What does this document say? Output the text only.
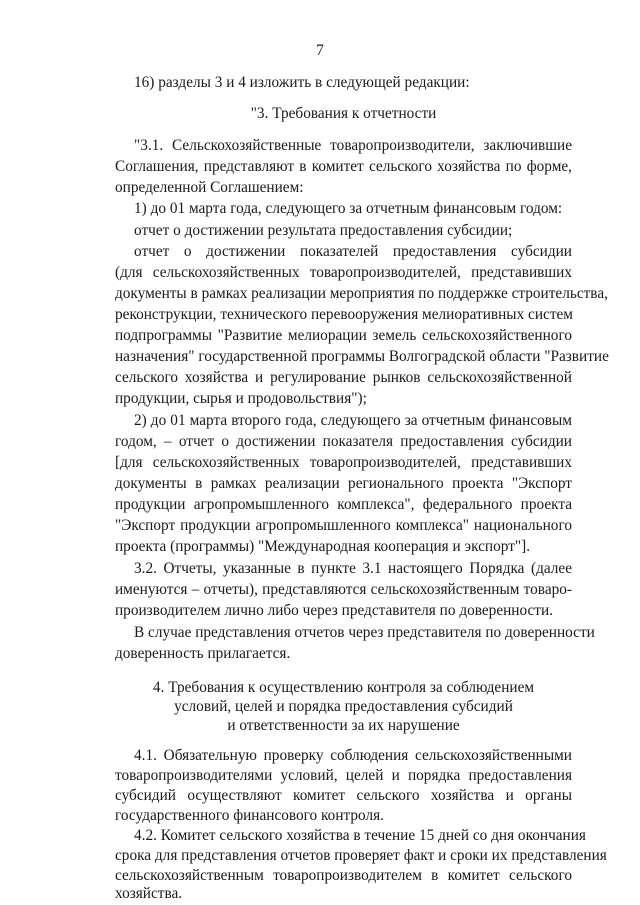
7
16) разделы 3 и 4 изложить в следующей редакции:
"3. Требования к отчетности
"3.1. Сельскохозяйственные товаропроизводители, заключившие
Соглашения, представляют в комитет сельского хозяйства по форме,
определенной Соглашением:
1) до 01 марта года, следующего за отчетным финансовым годом:
отчет о достижении результата предоставления субсидии;
отчет о достижении показателей предоставления субсидии
(для сельскохозяйственных товаропроизводителей, представивших
документы в рамках реализации мероприятия по поддержке строительства,
реконструкции, технического перевооружения мелиоративных систем
подпрограммы "Развитие мелиорации земель сельскохозяйственного
назначения" государственной программы Волгоградской области "Развитие
сельского хозяйства и регулирование рынков сельскохозяйственной
продукции, сырья и продовольствия");
2) до 01 марта второго года, следующего за отчетным финансовым
годом, – отчет о достижении показателя предоставления субсидии
[для сельскохозяйственных товаропроизводителей, представивших
документы в рамках реализации регионального проекта "Экспорт
продукции агропромышленного комплекса", федерального проекта
"Экспорт продукции агропромышленного комплекса" национального
проекта (программы) "Международная кооперация и экспорт"].
3.2. Отчеты, указанные в пункте 3.1 настоящего Порядка (далее
именуются – отчеты), представляются сельскохозяйственным товаро-
производителем лично либо через представителя по доверенности.
В случае представления отчетов через представителя по доверенности
доверенность прилагается.
4. Требования к осуществлению контроля за соблюдением
условий, целей и порядка предоставления субсидий
и ответственности за их нарушение
4.1. Обязательную проверку соблюдения сельскохозяйственными
товаропроизводителями условий, целей и порядка предоставления
субсидий осуществляют комитет сельского хозяйства и органы
государственного финансового контроля.
4.2. Комитет сельского хозяйства в течение 15 дней со дня окончания
срока для представления отчетов проверяет факт и сроки их представления
сельскохозяйственным товаропроизводителем в комитет сельского
хозяйства.
